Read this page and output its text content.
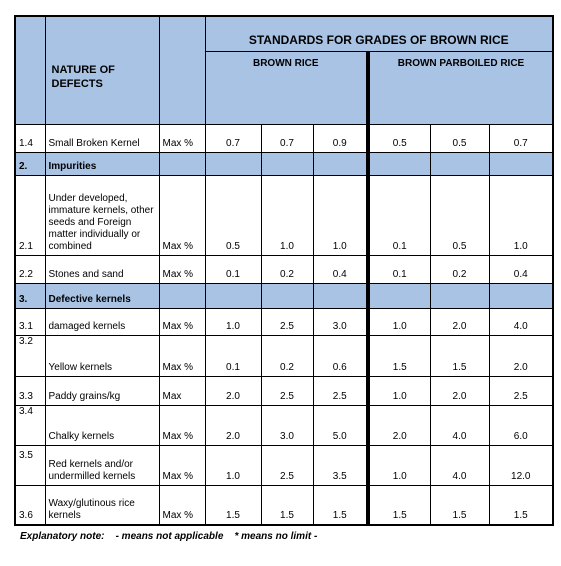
	NATURE OF DEFECTS		STANDARDS FOR GRADES OF BROWN RICE					
			BROWN RICE			BROWN PARBOILED RICE		
1.4	Small Broken Kernel	Max %	0.7	0.7	0.9	0.5	0.5	0.7
2.	Impurities							
2.1	Under developed, immature kernels, other seeds and Foreign matter individually or combined	Max %	0.5	1.0	1.0	0.1	0.5	1.0
2.2	Stones and sand	Max %	0.1	0.2	0.4	0.1	0.2	0.4
3.	Defective kernels							
3.1	damaged kernels	Max %	1.0	2.5	3.0	1.0	2.0	4.0
3.2	Yellow kernels	Max %	0.1	0.2	0.6	1.5	1.5	2.0
3.3	Paddy grains/kg	Max	2.0	2.5	2.5	1.0	2.0	2.5
3.4	Chalky kernels	Max %	2.0	3.0	5.0	2.0	4.0	6.0
3.5	Red kernels and/or undermilled kernels	Max %	1.0	2.5	3.5	1.0	4.0	12.0
3.6	Waxy/glutinous rice kernels	Max %	1.5	1.5	1.5	1.5	1.5	1.5
Explanatory note:    - means not applicable    * means no limit -
